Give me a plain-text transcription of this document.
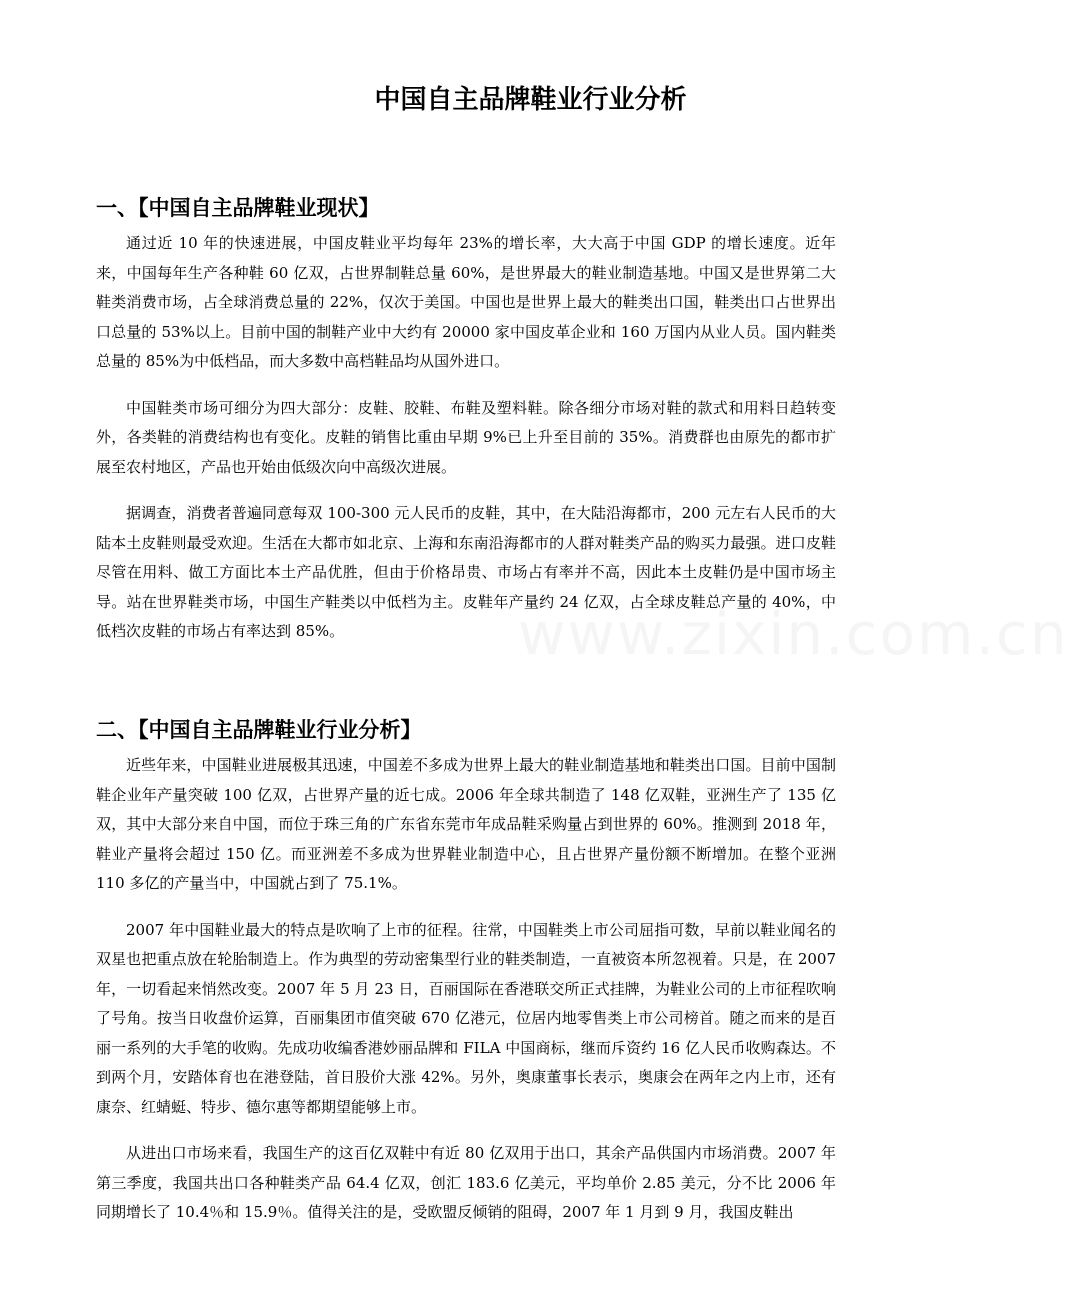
中国自主品牌鞋业行业分析
一、【中国自主品牌鞋业现状】

通过近 10 年的快速进展，中国皮鞋业平均每年 23%的增长率，大大高于中国 GDP 的增长速度。近年来，中国每年生产各种鞋 60 亿双，占世界制鞋总量 60%，是世界最大的鞋业制造基地。中国又是世界第二大鞋类消费市场，占全球消费总量的 22%，仅次于美国。中国也是世界上最大的鞋类出口国，鞋类出口占世界出口总量的 53%以上。目前中国的制鞋产业中大约有 20000 家中国皮革企业和 160 万国内从业人员。国内鞋类总量的 85%为中低档品，而大多数中高档鞋品均从国外进口。

中国鞋类市场可细分为四大部分：皮鞋、胶鞋、布鞋及塑料鞋。除各细分市场对鞋的款式和用料日趋转变外，各类鞋的消费结构也有变化。皮鞋的销售比重由早期 9%已上升至目前的 35%。消费群也由原先的都市扩展至农村地区，产品也开始由低级次向中高级次进展。

据调查，消费者普遍同意每双 100-300 元人民币的皮鞋，其中，在大陆沿海都市，200 元左右人民币的大陆本土皮鞋则最受欢迎。生活在大都市如北京、上海和东南沿海都市的人群对鞋类产品的购买力最强。进口皮鞋尽管在用料、做工方面比本土产品优胜，但由于价格昂贵、市场占有率并不高，因此本土皮鞋仍是中国市场主导。站在世界鞋类市场，中国生产鞋类以中低档为主。皮鞋年产量约 24 亿双，占全球皮鞋总产量的 40%，中低档次皮鞋的市场占有率达到 85%。

二、【中国自主品牌鞋业行业分析】

近些年来，中国鞋业进展极其迅速，中国差不多成为世界上最大的鞋业制造基地和鞋类出口国。目前中国制鞋企业年产量突破 100 亿双，占世界产量的近七成。2006 年全球共制造了 148 亿双鞋，亚洲生产了 135 亿双，其中大部分来自中国，而位于珠三角的广东省东莞市年成品鞋采购量占到世界的 60%。推测到 2018 年，鞋业产量将会超过 150 亿。而亚洲差不多成为世界鞋业制造中心，且占世界产量份额不断增加。在整个亚洲 110 多亿的产量当中，中国就占到了 75.1%。

2007 年中国鞋业最大的特点是吹响了上市的征程。往常，中国鞋类上市公司屈指可数，早前以鞋业闻名的双星也把重点放在轮胎制造上。作为典型的劳动密集型行业的鞋类制造，一直被资本所忽视着。只是，在 2007 年，一切看起来悄然改变。2007 年 5 月 23 日，百丽国际在香港联交所正式挂牌，为鞋业公司的上市征程吹响了号角。按当日收盘价运算，百丽集团市值突破 670 亿港元，位居内地零售类上市公司榜首。随之而来的是百丽一系列的大手笔的收购。先成功收编香港妙丽品牌和 FILA 中国商标，继而斥资约 16 亿人民币收购森达。不到两个月，安踏体育也在港登陆，首日股价大涨 42%。另外，奥康董事长表示，奥康会在两年之内上市，还有康奈、红蜻蜓、特步、德尔惠等都期望能够上市。

从进出口市场来看，我国生产的这百亿双鞋中有近 80 亿双用于出口，其余产品供国内市场消费。2007 年第三季度，我国共出口各种鞋类产品 64.4 亿双，创汇 183.6 亿美元，平均单价 2.85 美元，分不比 2006 年同期增长了 10.4％和 15.9％。值得关注的是，受欧盟反倾销的阻碍，2007 年 1 月到 9 月，我国皮鞋出

www.zixin.com.cn
